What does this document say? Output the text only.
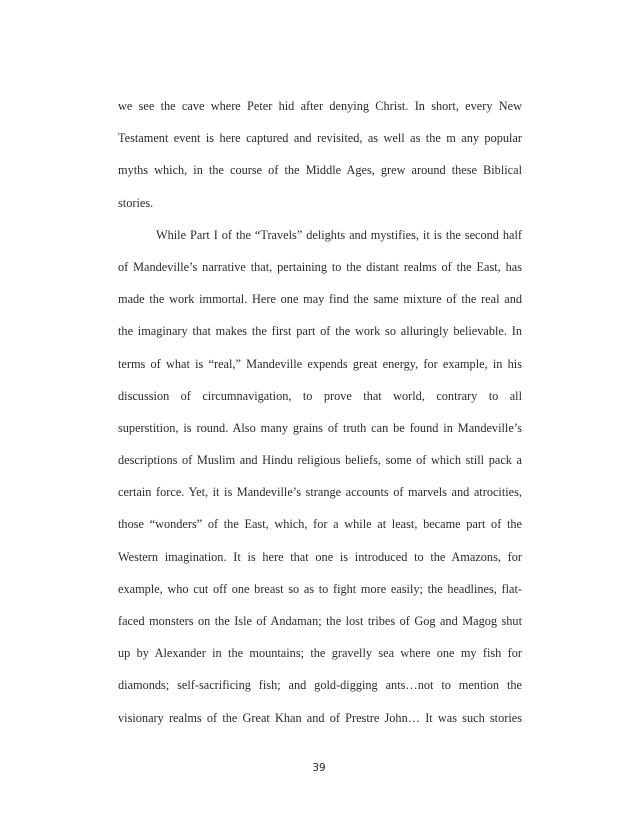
we see the cave where Peter hid after denying Christ. In short, every New
Testament event is here captured and revisited, as well as the m any popular
myths which, in the course of the Middle Ages, grew around these Biblical
stories.
While Part I of the “Travels” delights and mystifies, it is the second half
of Mandeville’s narrative that, pertaining to the distant realms of the East, has
made the work immortal. Here one may find the same mixture of the real and
the imaginary that makes the first part of the work so alluringly believable. In
terms of what is “real,” Mandeville expends great energy, for example, in his
discussion of circumnavigation, to prove that world, contrary to all
superstition, is round. Also many grains of truth can be found in Mandeville’s
descriptions of Muslim and Hindu religious beliefs, some of which still pack a
certain force. Yet, it is Mandeville’s strange accounts of marvels and atrocities,
those “wonders” of the East, which, for a while at least, became part of the
Western imagination. It is here that one is introduced to the Amazons, for
example, who cut off one breast so as to fight more easily; the headlines, flat-
faced monsters on the Isle of Andaman; the lost tribes of Gog and Magog shut
up by Alexander in the mountains; the gravelly sea where one my fish for
diamonds; self-sacrificing fish; and gold-digging ants…not to mention the
visionary realms of the Great Khan and of Prestre John… It was such stories
39
